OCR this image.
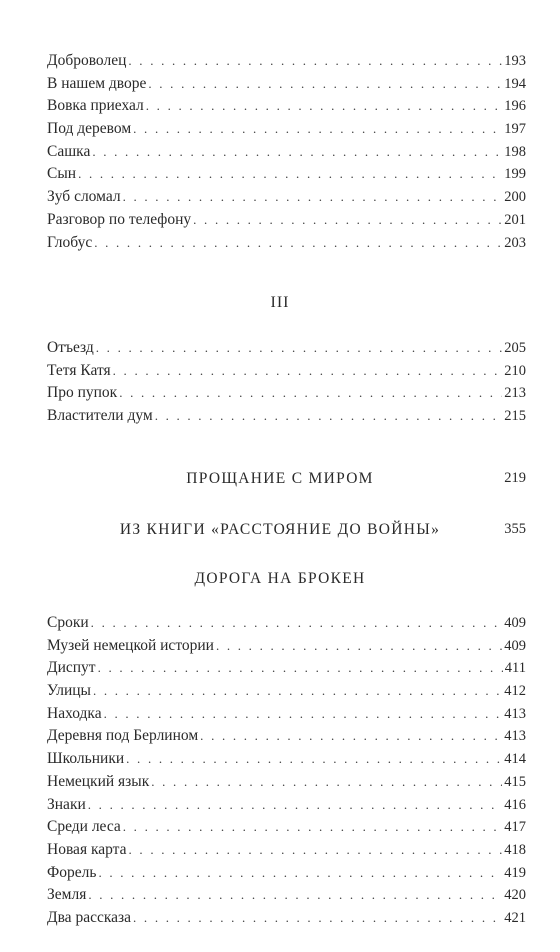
Доброволец . . .	193
В нашем дворе . . .	194
Вовка приехал . . .	196
Под деревом . . .	197
Сашка . . .	198
Сын . . .	199
Зуб сломал . . .	200
Разговор по телефону . . .	201
Глобус . . .	203
III
Отъезд . . .	205
Тетя Катя . . .	210
Про пупок . . .	213
Властители дум . . .	215
ПРОЩАНИЕ С МИРОМ	219
ИЗ КНИГИ «РАССТОЯНИЕ ДО ВОЙНЫ»	355
ДОРОГА НА БРОКЕН
Сроки . . .	409
Музей немецкой истории . . .	409
Диспут . . .	411
Улицы . . .	412
Находка . . .	413
Деревня под Берлином . . .	413
Школьники . . .	414
Немецкий язык . . .	415
Знаки . . .	416
Среди леса . . .	417
Новая карта . . .	418
Форель . . .	419
Земля . . .	420
Два рассказа . . .	421
